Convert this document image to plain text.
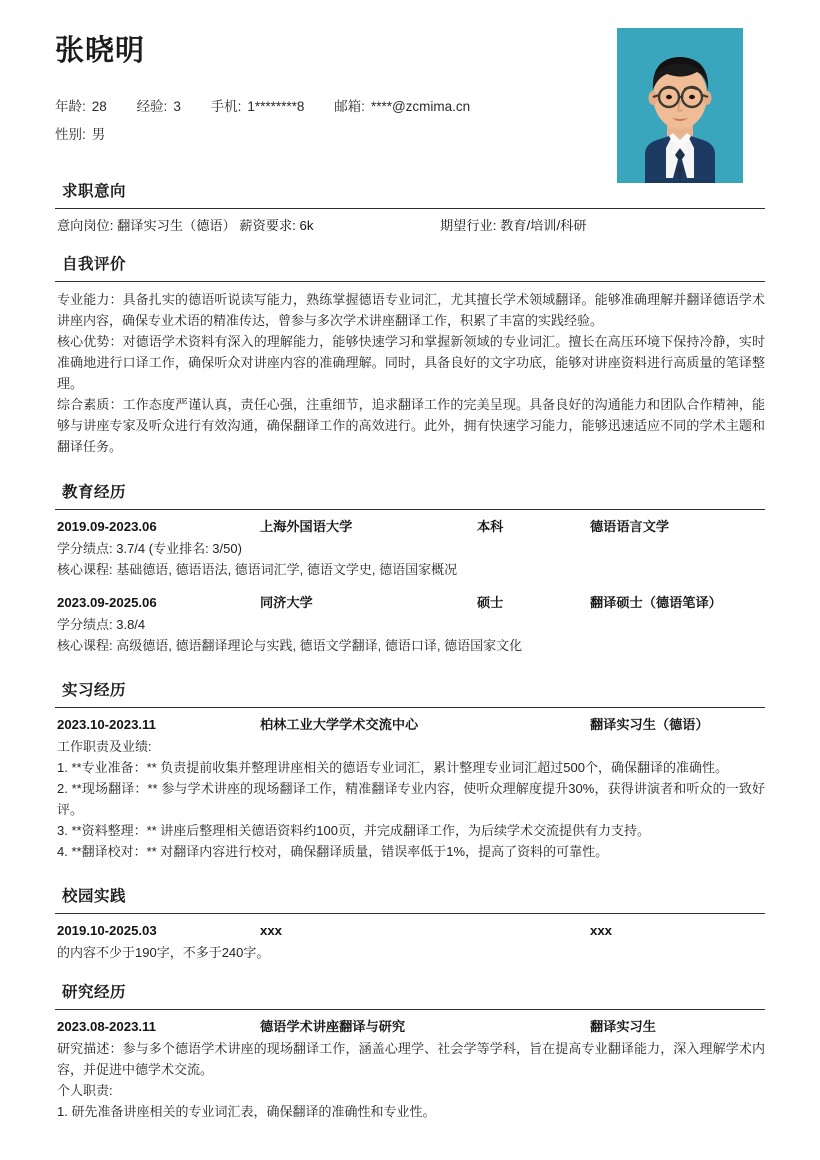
张晓明
年龄: 28 经验: 3 手机: 1********8 邮箱: ****@zcmima.cn
性别: 男
求职意向
意向岗位: 翻译实习生（德语） 薪资要求: 6k	期望行业: 教育/培训/科研
自我评价

专业能力：具备扎实的德语听说读写能力，熟练掌握德语专业词汇，尤其擅长学术领域翻译。能够准确理解并翻译德语学术讲座内容，确保专业术语的精准传达，曾参与多次学术讲座翻译工作，积累了丰富的实践经验。

核心优势：对德语学术资料有深入的理解能力，能够快速学习和掌握新领域的专业词汇。擅长在高压环境下保持冷静，实时准确地进行口译工作，确保听众对讲座内容的准确理解。同时，具备良好的文字功底，能够对讲座资料进行高质量的笔译整理。

综合素质：工作态度严谨认真，责任心强，注重细节，追求翻译工作的完美呈现。具备良好的沟通能力和团队合作精神，能够与讲座专家及听众进行有效沟通，确保翻译工作的高效进行。此外，拥有快速学习能力，能够迅速适应不同的学术主题和翻译任务。

教育经历
2019.09-2023.06	上海外国语大学	本科	德语语言文学
学分绩点: 3.7/4 (专业排名: 3/50)
核心课程: 基础德语, 德语语法, 德语词汇学, 德语文学史, 德语国家概况
2023.09-2025.06	同济大学	硕士	翻译硕士（德语笔译）
学分绩点: 3.8/4
核心课程: 高级德语, 德语翻译理论与实践, 德语文学翻译, 德语口译, 德语国家文化
实习经历
2023.10-2023.11	柏林工业大学学术交流中心	翻译实习生（德语）
工作职责及业绩:

1. **专业准备：** 负责提前收集并整理讲座相关的德语专业词汇，累计整理专业词汇超过500个，确保翻译的准确性。

2. **现场翻译：** 参与学术讲座的现场翻译工作，精准翻译专业内容，使听众理解度提升30%，获得讲演者和听众的一致好评。

3. **资料整理：** 讲座后整理相关德语资料约100页，并完成翻译工作，为后续学术交流提供有力支持。

4. **翻译校对：** 对翻译内容进行校对，确保翻译质量，错误率低于1%，提高了资料的可靠性。

校园实践
2019.10-2025.03	xxx	xxx
的内容不少于190字，不多于240字。
研究经历
2023.08-2023.11	德语学术讲座翻译与研究	翻译实习生

研究描述：参与多个德语学术讲座的现场翻译工作，涵盖心理学、社会学等学科，旨在提高专业翻译能力，深入理解学术内容，并促进中德学术交流。

个人职责:

1. 研先准备讲座相关的专业词汇表，确保翻译的准确性和专业性。
